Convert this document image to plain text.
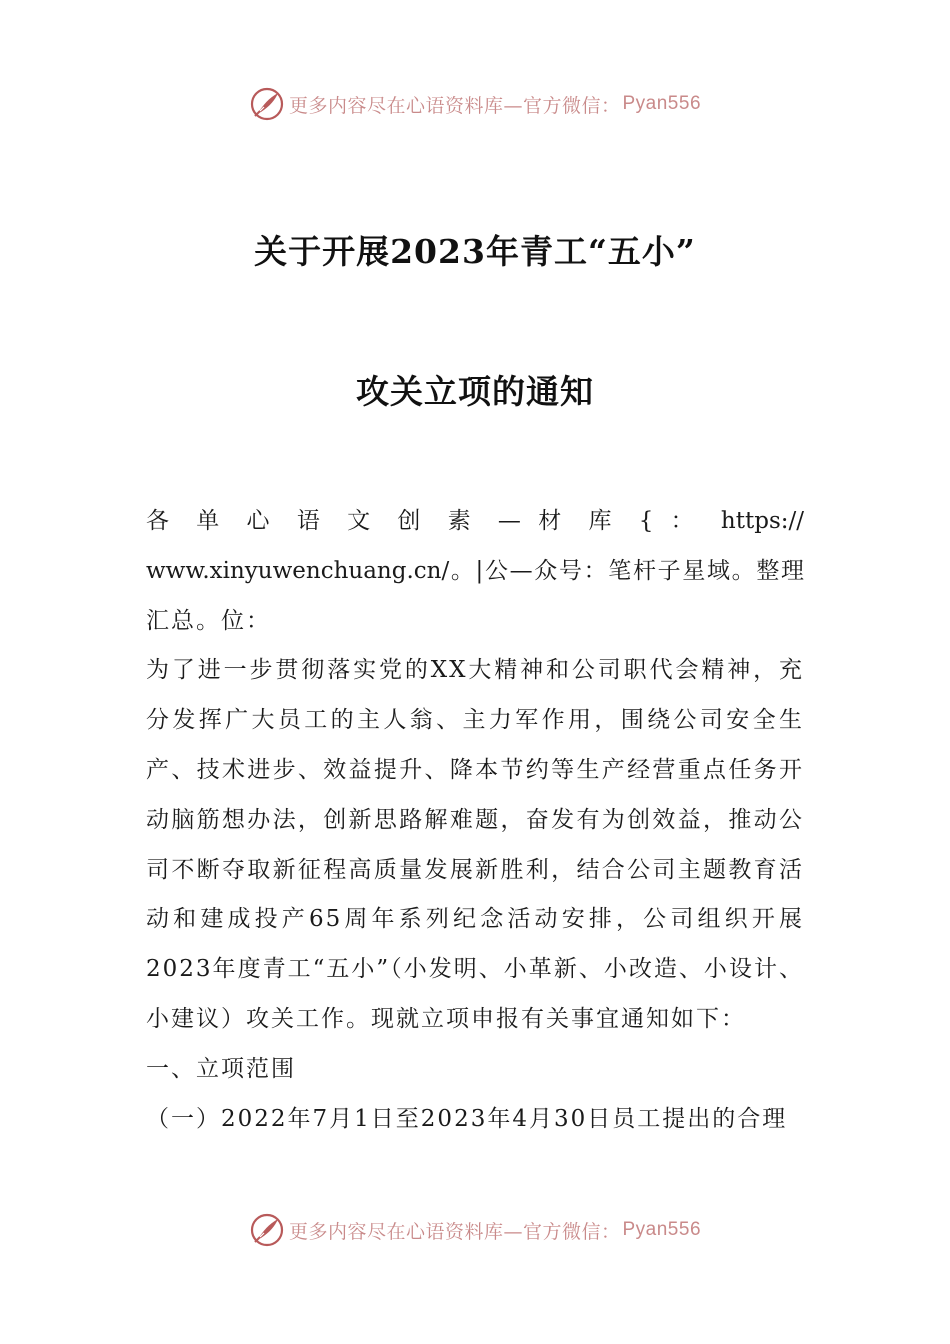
更多内容尽在心语资料库—官方微信： Pyan556
关于开展2023年青工“五小”
攻关立项的通知
各 单 心 语 文 创 素 — 材 库 { ： https://
www.xinyuwenchuang.cn/。|公—众号：笔杆子星域。整理

汇总。位：

为了进一步贯彻落实党的XX大精神和公司职代会精神，充分发挥广大员工的主人翁、主力军作用，围绕公司安全生产、技术进步、效益提升、降本节约等生产经营重点任务开动脑筋想办法，创新思路解难题，奋发有为创效益，推动公司不断夺取新征程高质量发展新胜利，结合公司主题教育活动和建成投产65周年系列纪念活动安排，公司组织开展2023年度青工“五小”（小发明、小革新、小改造、小设计、小建议）攻关工作。现就立项申报有关事宜通知如下：

一、立项范围

（一）2022年7月1日至2023年4月30日员工提出的合理

更多内容尽在心语资料库—官方微信： Pyan556
